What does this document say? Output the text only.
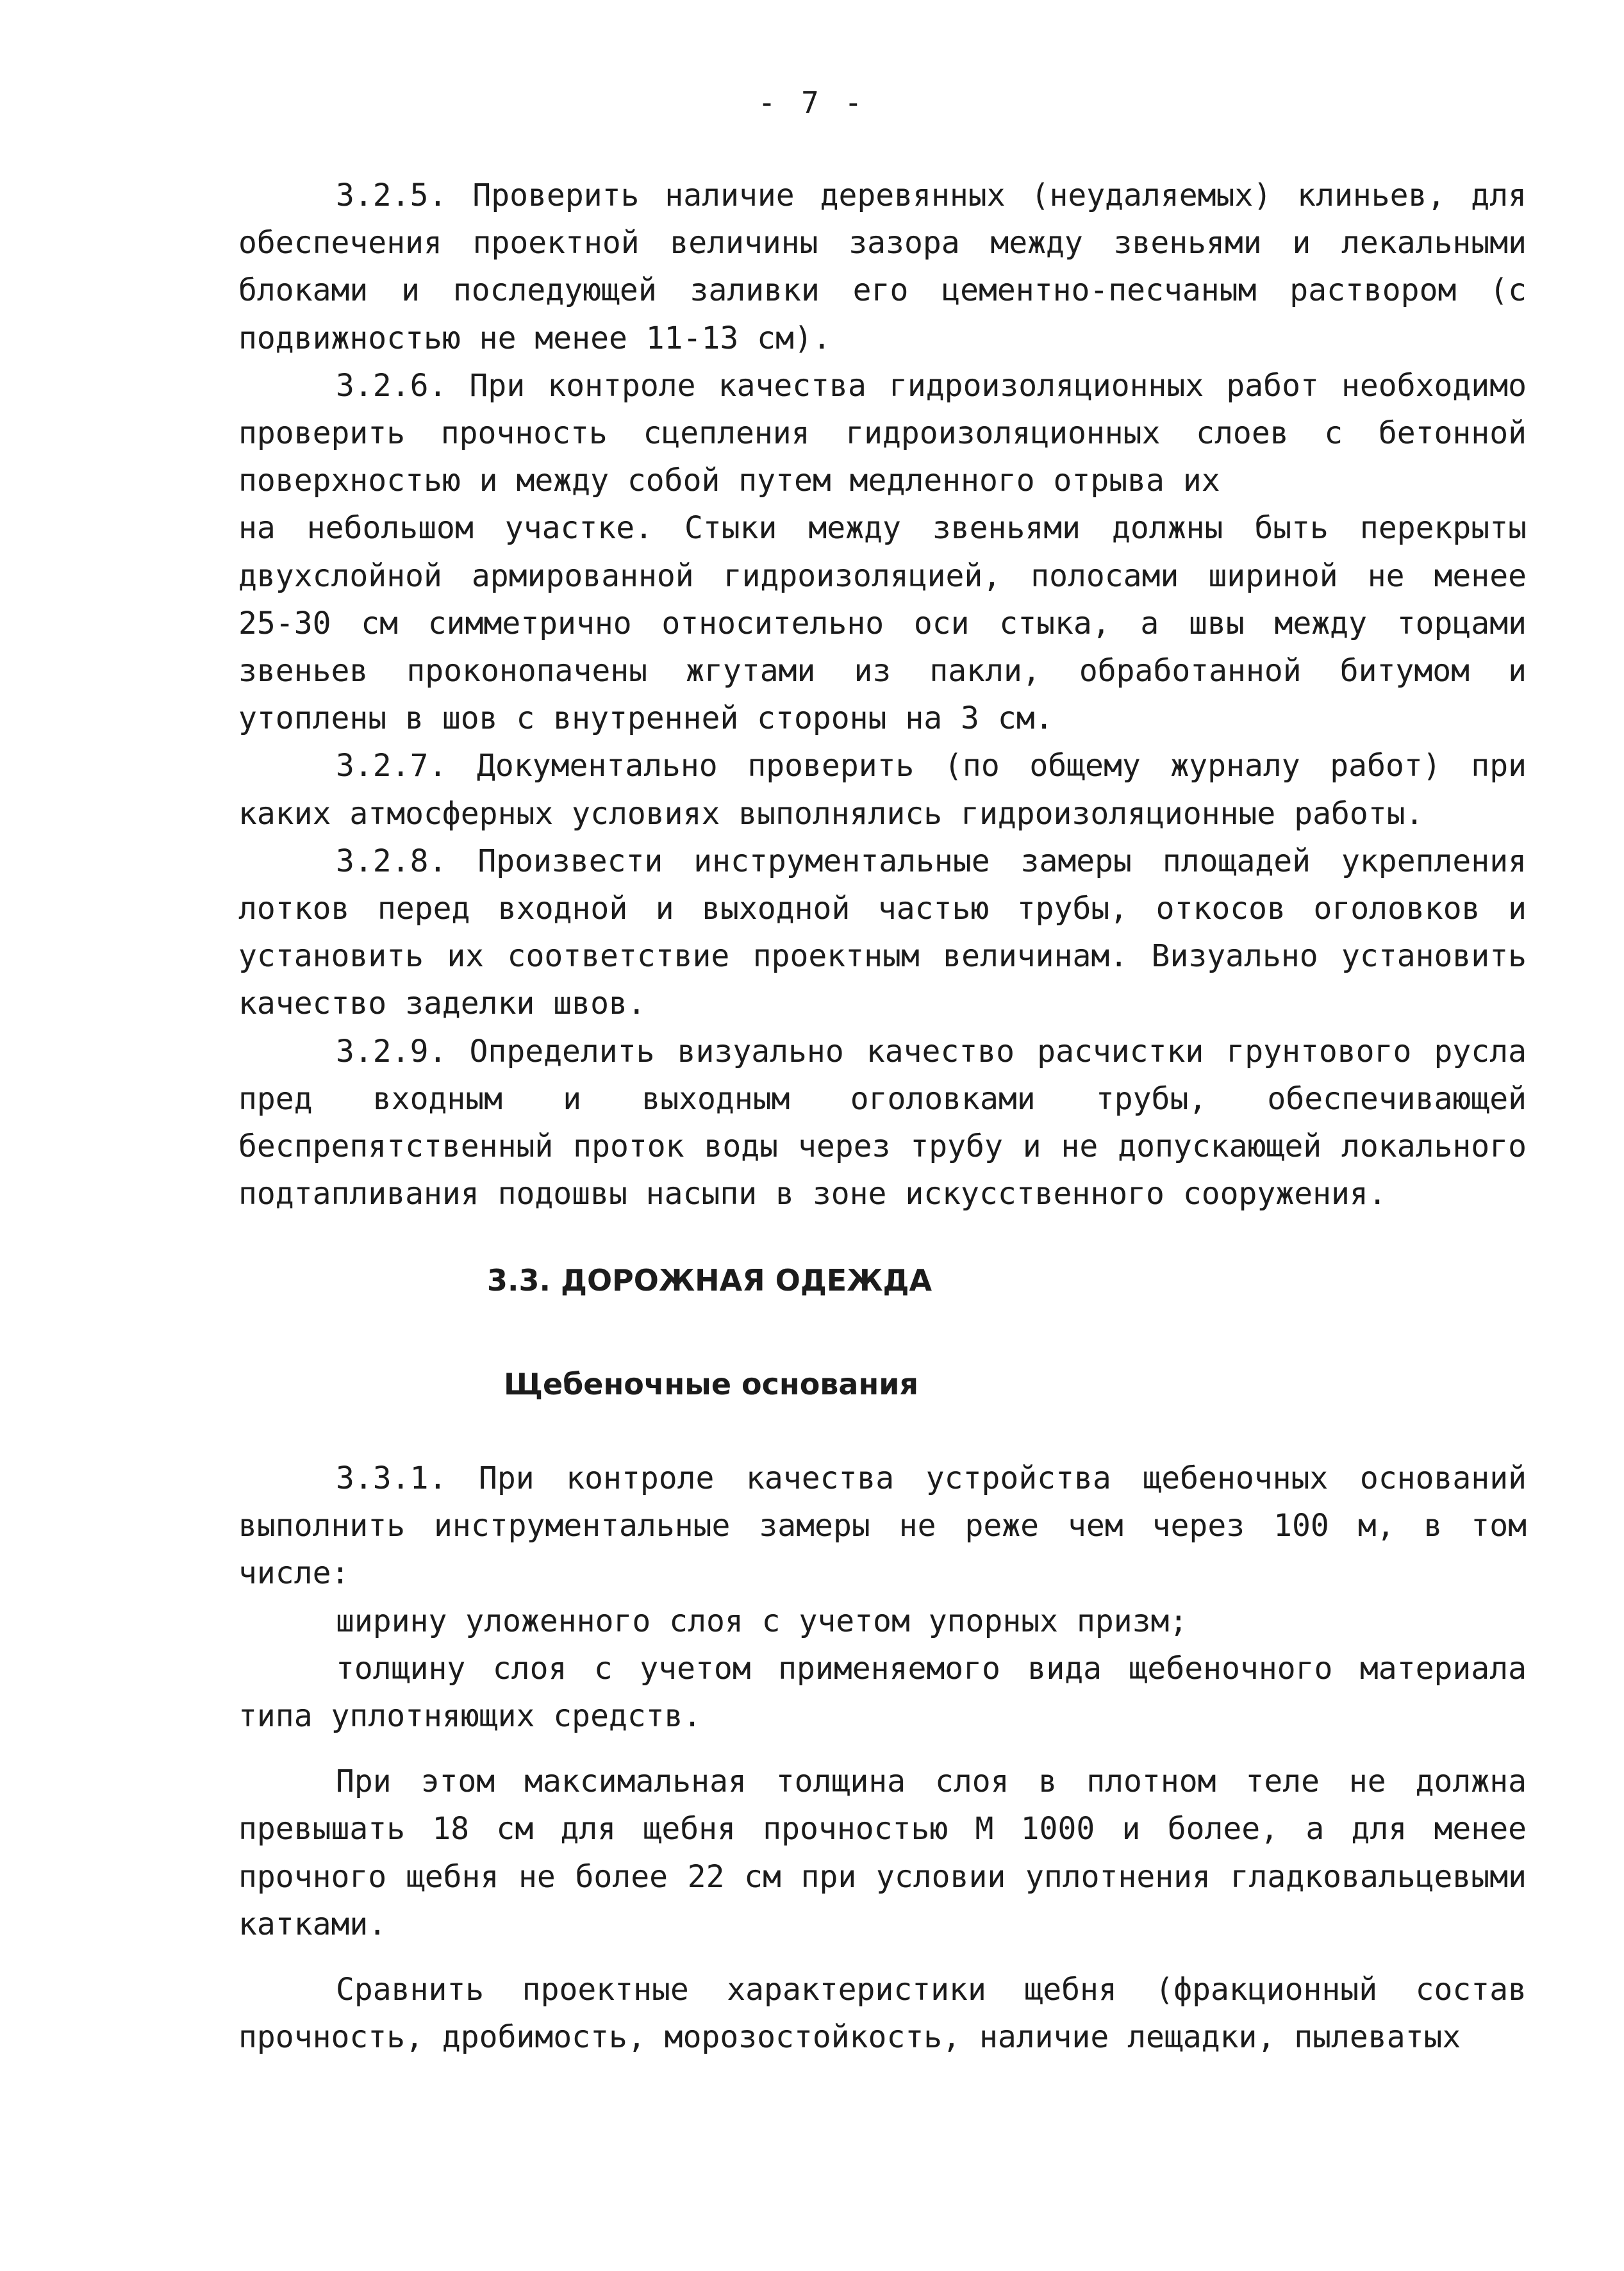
- 7 -

3.2.5. Проверить наличие деревянных (неудаляемых) клиньев, для обеспечения проектной величины зазора между звеньями и лекальными блоками и последующей заливки его цементно-песчаным раствором (с подвижностью не менее 11-13 см).

3.2.6. При контроле качества гидроизоляционных работ необходимо проверить прочность сцепления гидроизоляционных слоев с бетонной поверхностью и между собой путем медленного отрыва их

на небольшом участке. Стыки между звеньями должны быть перекрыты двухслойной армированной гидроизоляцией, полосами шириной не менее 25-30 см симметрично относительно оси стыка, а швы между торцами звеньев проконопачены жгутами из пакли, обработанной битумом и утоплены в шов с внутренней стороны на 3 см.

3.2.7. Документально проверить (по общему журналу работ) при каких атмосферных условиях выполнялись гидроизоляционные работы.

3.2.8. Произвести инструментальные замеры площадей укрепления лотков перед входной и выходной частью трубы, откосов оголовков и установить их соответствие проектным величинам. Визуально установить качество заделки швов.

3.2.9. Определить визуально качество расчистки грунтового русла пред входным и выходным оголовками трубы, обеспечивающей беспрепятственный проток воды через трубу и не допускающей локального подтапливания подошвы насыпи в зоне искусственного сооружения.

3.3. ДОРОЖНАЯ ОДЕЖДА
Щебеночные основания

3.3.1. При контроле качества устройства щебеночных оснований выполнить инструментальные замеры не реже чем через 100 м, в том числе:

ширину уложенного слоя с учетом упорных призм;

толщину слоя с учетом применяемого вида щебеночного материала типа уплотняющих средств.

При этом максимальная толщина слоя в плотном теле не должна превышать 18 см для щебня прочностью М 1000 и более, а для менее прочного щебня не более 22 см при условии уплотнения гладковальцевыми катками.

Сравнить проектные характеристики щебня (фракционный состав прочность, дробимость, морозостойкость, наличие лещадки, пылеватых
